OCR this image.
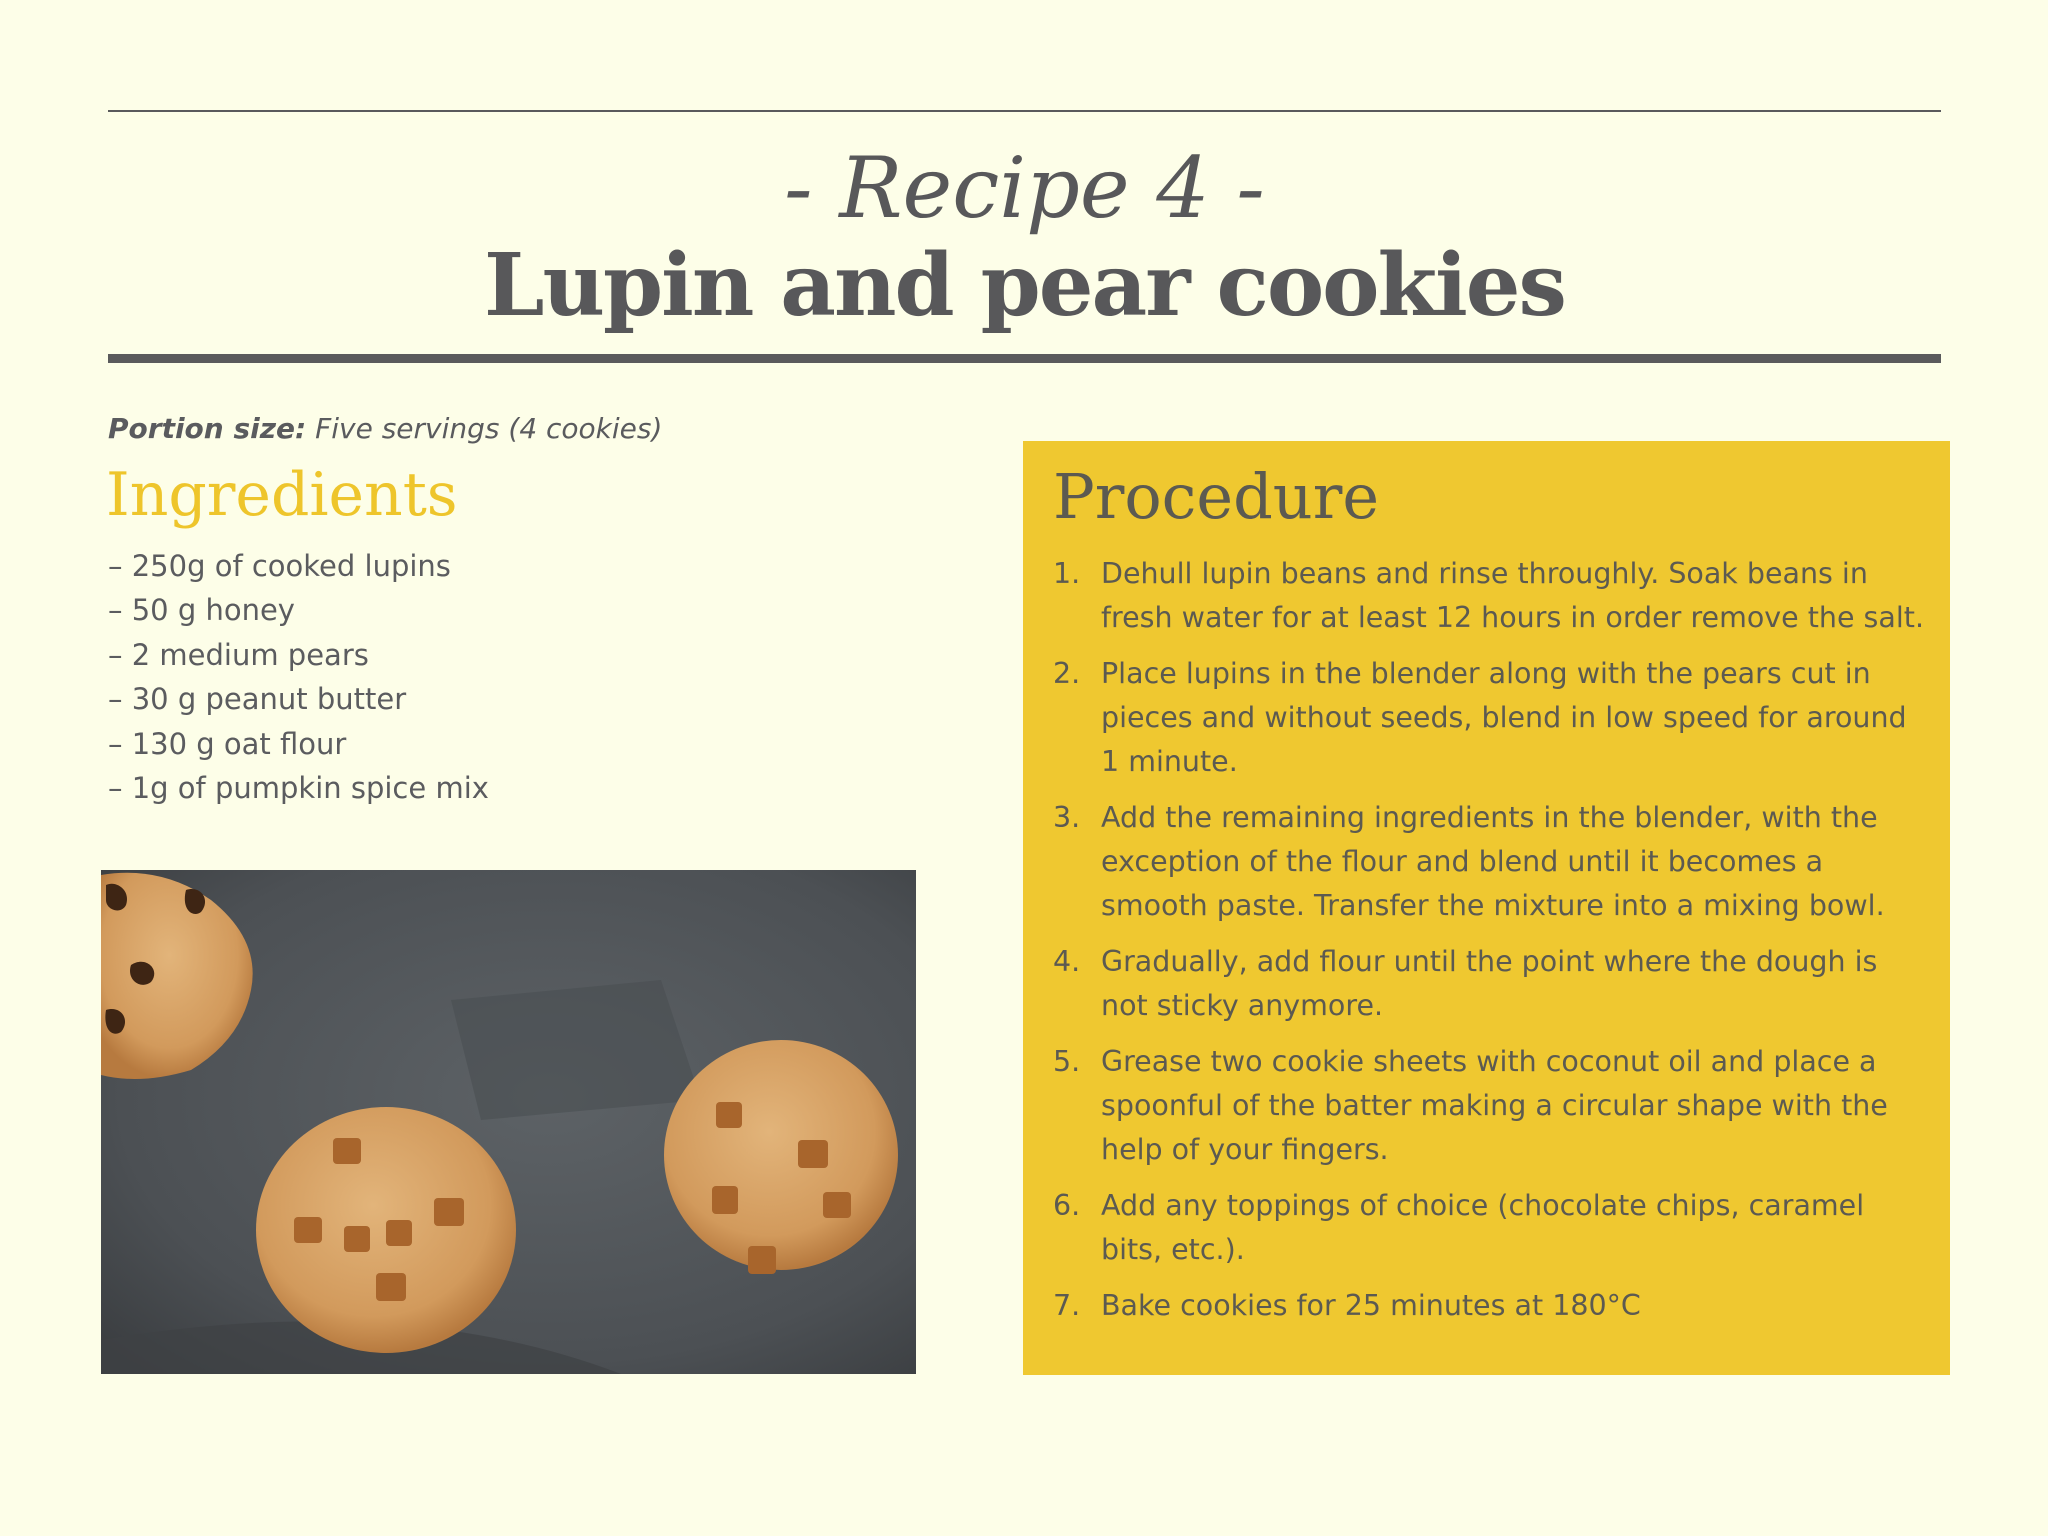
- Recipe 4 -
Lupin and pear cookies
Portion size: Five servings (4 cookies)
Ingredients
– 250g of cooked lupins
– 50 g honey
– 2 medium pears
– 30 g peanut butter
– 130 g oat flour
– 1g of pumpkin spice mix
Procedure
1. Dehull lupin beans and rinse throughly. Soak beans in fresh water for at least 12 hours in order remove the salt.
2. Place lupins in the blender along with the pears cut in pieces and without seeds, blend in low speed for around 1 minute.
3. Add the remaining ingredients in the blender, with the exception of the flour and blend until it becomes a smooth paste. Transfer the mixture into a mixing bowl.
4. Gradually, add flour until the point where the dough is not sticky anymore.
5. Grease two cookie sheets with coconut oil and place a spoonful of the batter making a circular shape with the help of your fingers.
6. Add any toppings of choice (chocolate chips, caramel bits, etc.).
7. Bake cookies for 25 minutes at 180°C
